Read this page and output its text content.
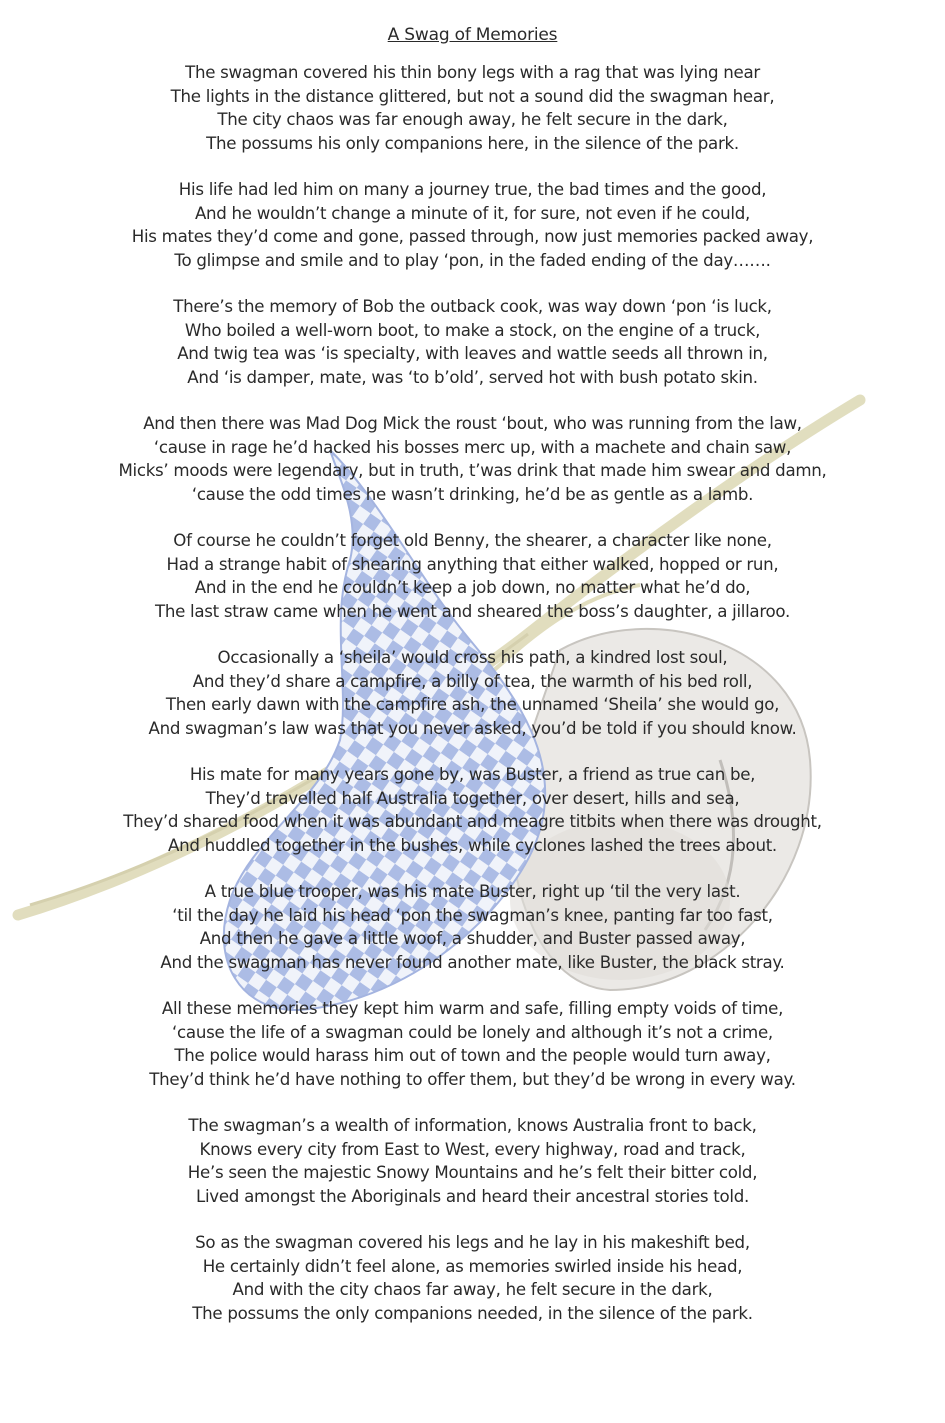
A Swag of Memories
The swagman covered his thin bony legs with a rag that was lying near
The lights in the distance glittered, but not a sound did the swagman hear,
The city chaos was far enough away, he felt secure in the dark,
The possums his only companions here, in the silence of the park.
His life had led him on many a journey true, the bad times and the good,
And he wouldn’t change a minute of it, for sure, not even if he could,
His mates they’d come and gone, passed through, now just memories packed away,
To glimpse and smile and to play ‘pon, in the faded ending of the day…….
There’s the memory of Bob the outback cook, was way down ‘pon ‘is luck,
Who boiled a well-worn boot, to make a stock, on the engine of a truck,
And twig tea was ‘is specialty, with leaves and wattle seeds all thrown in,
And ‘is damper, mate, was ‘to b’old’, served hot with bush potato skin.
And then there was Mad Dog Mick the roust ‘bout, who was running from the law,
‘cause in rage he’d hacked his bosses merc up, with a machete and chain saw,
Micks’ moods were legendary, but in truth, t’was drink that made him swear and damn,
‘cause the odd times he wasn’t drinking, he’d be as gentle as a lamb.
Of course he couldn’t forget old Benny, the shearer, a character like none,
Had a strange habit of shearing anything that either walked, hopped or run,
And in the end he couldn’t keep a job down, no matter what he’d do,
The last straw came when he went and sheared the boss’s daughter, a jillaroo.
Occasionally a ‘sheila’ would cross his path, a kindred lost soul,
And they’d share a campfire, a billy of tea, the warmth of his bed roll,
Then early dawn with the campfire ash, the unnamed ‘Sheila’ she would go,
And swagman’s law was that you never asked, you’d be told if you should know.
His mate for many years gone by, was Buster, a friend as true can be,
They’d travelled half Australia together, over desert, hills and sea,
They’d shared food when it was abundant and meagre titbits when there was drought,
And huddled together in the bushes, while cyclones lashed the trees about.
A true blue trooper, was his mate Buster, right up ‘til the very last.
‘til the day he laid his head ‘pon the swagman’s knee, panting far too fast,
And then he gave a little woof, a shudder, and Buster passed away,
And the swagman has never found another mate, like Buster, the black stray.
All these memories they kept him warm and safe, filling empty voids of time,
‘cause the life of a swagman could be lonely and although it’s not a crime,
The police would harass him out of town and the people would turn away,
They’d think he’d have nothing to offer them, but they’d be wrong in every way.
The swagman’s a wealth of information, knows Australia front to back,
Knows every city from East to West, every highway, road and track,
He’s seen the majestic Snowy Mountains and he’s felt their bitter cold,
Lived amongst the Aboriginals and heard their ancestral stories told.
So as the swagman covered his legs and he lay in his makeshift bed,
He certainly didn’t feel alone, as memories swirled inside his head,
And with the city chaos far away, he felt secure in the dark,
The possums the only companions needed, in the silence of the park.
